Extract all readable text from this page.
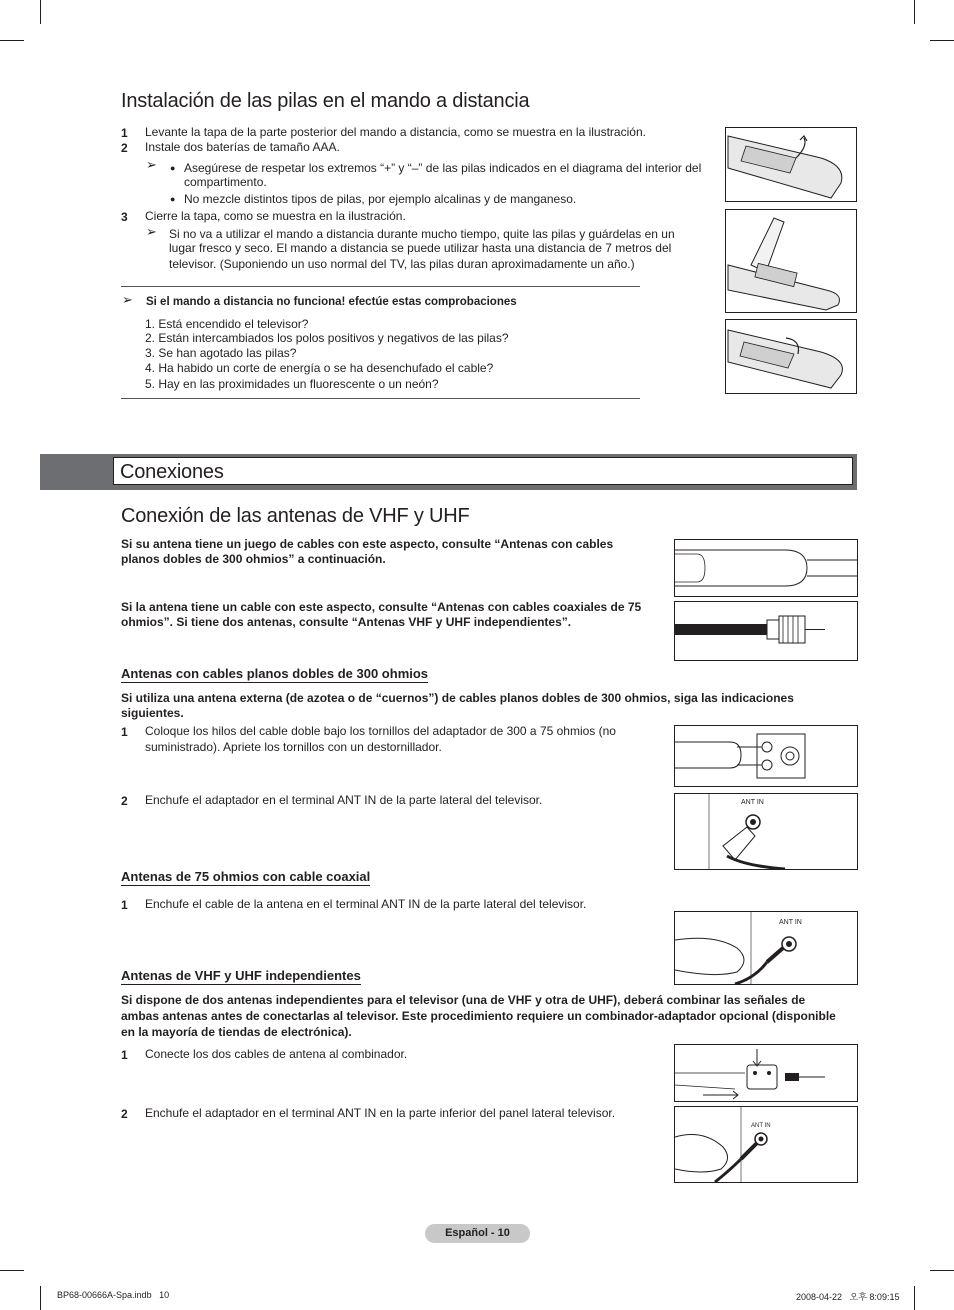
Instalación de las pilas en el mando a distancia
1 Levante la tapa de la parte posterior del mando a distancia, como se muestra en la ilustración.
2 Instale dos baterías de tamaño AAA.
➢
● Asegúrese de respetar los extremos “+” y “–” de las pilas indicados en el diagrama del interior del
compartimento.
● No mezcle distintos tipos de pilas, por ejemplo alcalinas y de manganeso.
3 Cierre la tapa, como se muestra en la ilustración.
➢ Si no va a utilizar el mando a distancia durante mucho tiempo, quite las pilas y guárdelas en un
lugar fresco y seco. El mando a distancia se puede utilizar hasta una distancia de 7 metros del
televisor. (Suponiendo un uso normal del TV, las pilas duran aproximadamente un año.)
➢ Si el mando a distancia no funciona! efectúe estas comprobaciones
1. Está encendido el televisor?
2. Están intercambiados los polos positivos y negativos de las pilas?
3. Se han agotado las pilas?
4. Ha habido un corte de energía o se ha desenchufado el cable?
5. Hay en las proximidades un fluorescente o un neón?
Conexiones
Conexión de las antenas de VHF y UHF
Si su antena tiene un juego de cables con este aspecto, consulte “Antenas con cables
planos dobles de 300 ohmios” a continuación.
Si la antena tiene un cable con este aspecto, consulte “Antenas con cables coaxiales de 75
ohmios”. Si tiene dos antenas, consulte “Antenas VHF y UHF independientes”.
Antenas con cables planos dobles de 300 ohmios
Si utiliza una antena externa (de azotea o de “cuernos”) de cables planos dobles de 300 ohmios, siga las indicaciones
siguientes.
1 Coloque los hilos del cable doble bajo los tornillos del adaptador de 300 a 75 ohmios (no
suministrado). Apriete los tornillos con un destornillador.
2 Enchufe el adaptador en el terminal ANT IN de la parte lateral del televisor.	ANT IN
Antenas de 75 ohmios con cable coaxial
1 Enchufe el cable de la antena en el terminal ANT IN de la parte lateral del televisor.
ANT IN
Antenas de VHF y UHF independientes
Si dispone de dos antenas independientes para el televisor (una de VHF y otra de UHF), deberá combinar las señales de
ambas antenas antes de conectarlas al televisor. Este procedimiento requiere un combinador-adaptador opcional (disponible
en la mayoría de tiendas de electrónica).
1 Conecte los dos cables de antena al combinador.
2 Enchufe el adaptador en el terminal ANT IN en la parte inferior del panel lateral televisor.
ANT IN
Español - 10
BP68-00666A-Spa.indb   10	2008-04-22   오후 8:09:15
